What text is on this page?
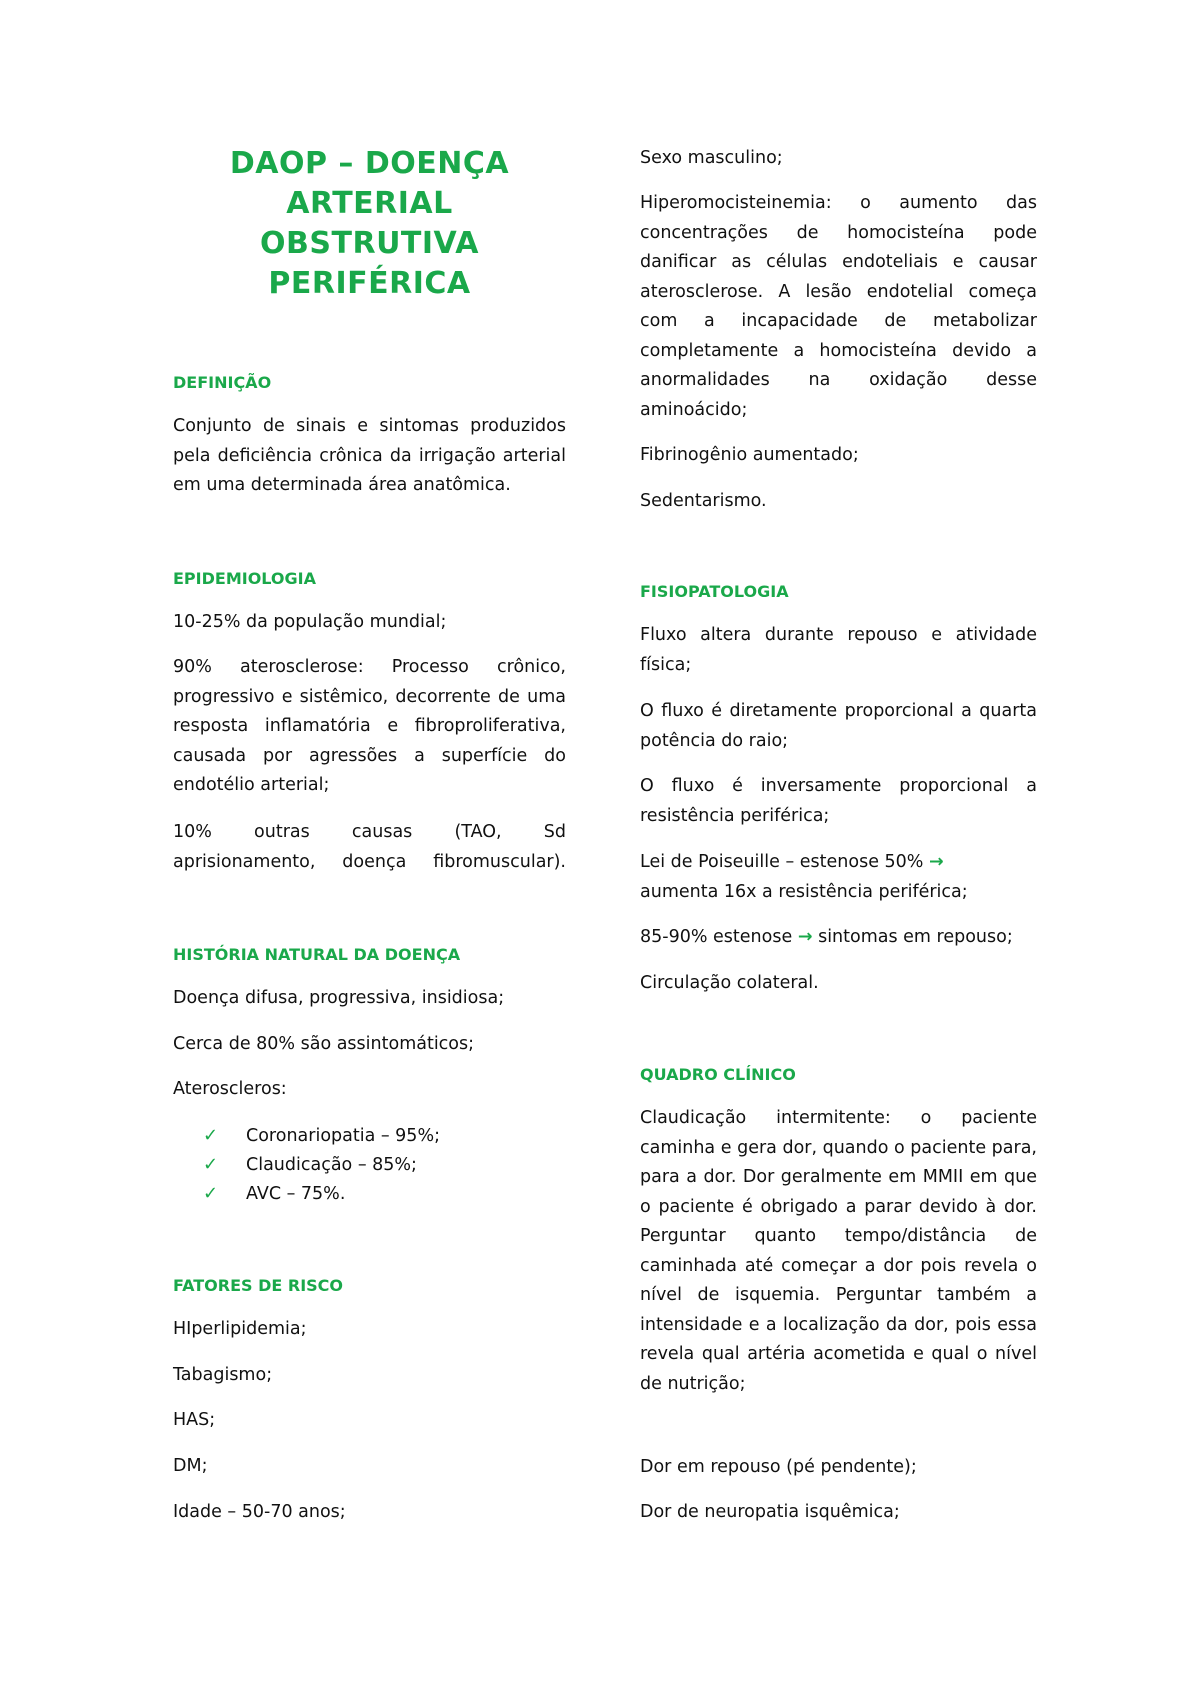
DAOP – DOENÇA ARTERIAL OBSTRUTIVA PERIFÉRICA
DEFINIÇÃO

Conjunto de sinais e sintomas produzidos pela deficiência crônica da irrigação arterial em uma determinada área anatômica.

EPIDEMIOLOGIA

10-25% da população mundial;

90% aterosclerose: Processo crônico, progressivo e sistêmico, decorrente de uma resposta inflamatória e fibroproliferativa, causada por agressões a superfície do endotélio arterial;

10% outras causas (TAO, Sd aprisionamento, doença fibromuscular).

HISTÓRIA NATURAL DA DOENÇA

Doença difusa, progressiva, insidiosa;

Cerca de 80% são assintomáticos;

Ateroscleros:

✓	Coronariopatia – 95%;
✓	Claudicação – 85%;
✓	AVC – 75%.
FATORES DE RISCO

HIperlipidemia;

Tabagismo;

HAS;

DM;

Idade – 50-70 anos;

Sexo masculino;

Hiperomocisteinemia: o aumento das concentrações de homocisteína pode danificar as células endoteliais e causar aterosclerose. A lesão endotelial começa com a incapacidade de metabolizar completamente a homocisteína devido a anormalidades na oxidação desse aminoácido;

Fibrinogênio aumentado;

Sedentarismo.

FISIOPATOLOGIA

Fluxo altera durante repouso e atividade física;

O fluxo é diretamente proporcional a quarta potência do raio;

O fluxo é inversamente proporcional a resistência periférica;

Lei de Poiseuille – estenose 50% →

aumenta 16x a resistência periférica;

85-90% estenose → sintomas em repouso;

Circulação colateral.

QUADRO CLÍNICO

Claudicação intermitente: o paciente caminha e gera dor, quando o paciente para, para a dor. Dor geralmente em MMII em que o paciente é obrigado a parar devido à dor. Perguntar quanto tempo/distância de caminhada até começar a dor pois revela o nível de isquemia. Perguntar também a intensidade e a localização da dor, pois essa revela qual artéria acometida e qual o nível de nutrição;

Dor em repouso (pé pendente);

Dor de neuropatia isquêmica;
